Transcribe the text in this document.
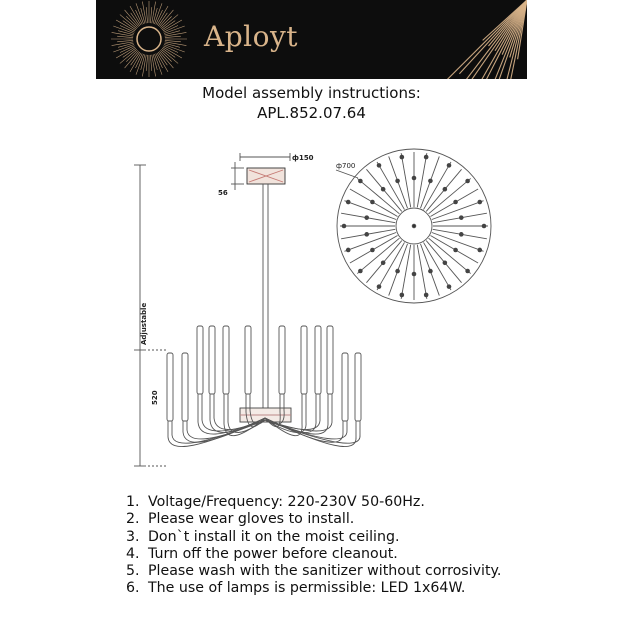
Aployt
Model assembly instructions:
APL.852.07.64
ф150
56
Adjustable
520
ф700
1. Voltage/Frequency: 220-230V 50-60Hz.
2. Please wear gloves to install.
3. Don`t install it on the moist ceiling.
4. Turn off the power before cleanout.
5. Please wash with the sanitizer without corrosivity.
6. The use of lamps is permissible: LED 1x64W.
